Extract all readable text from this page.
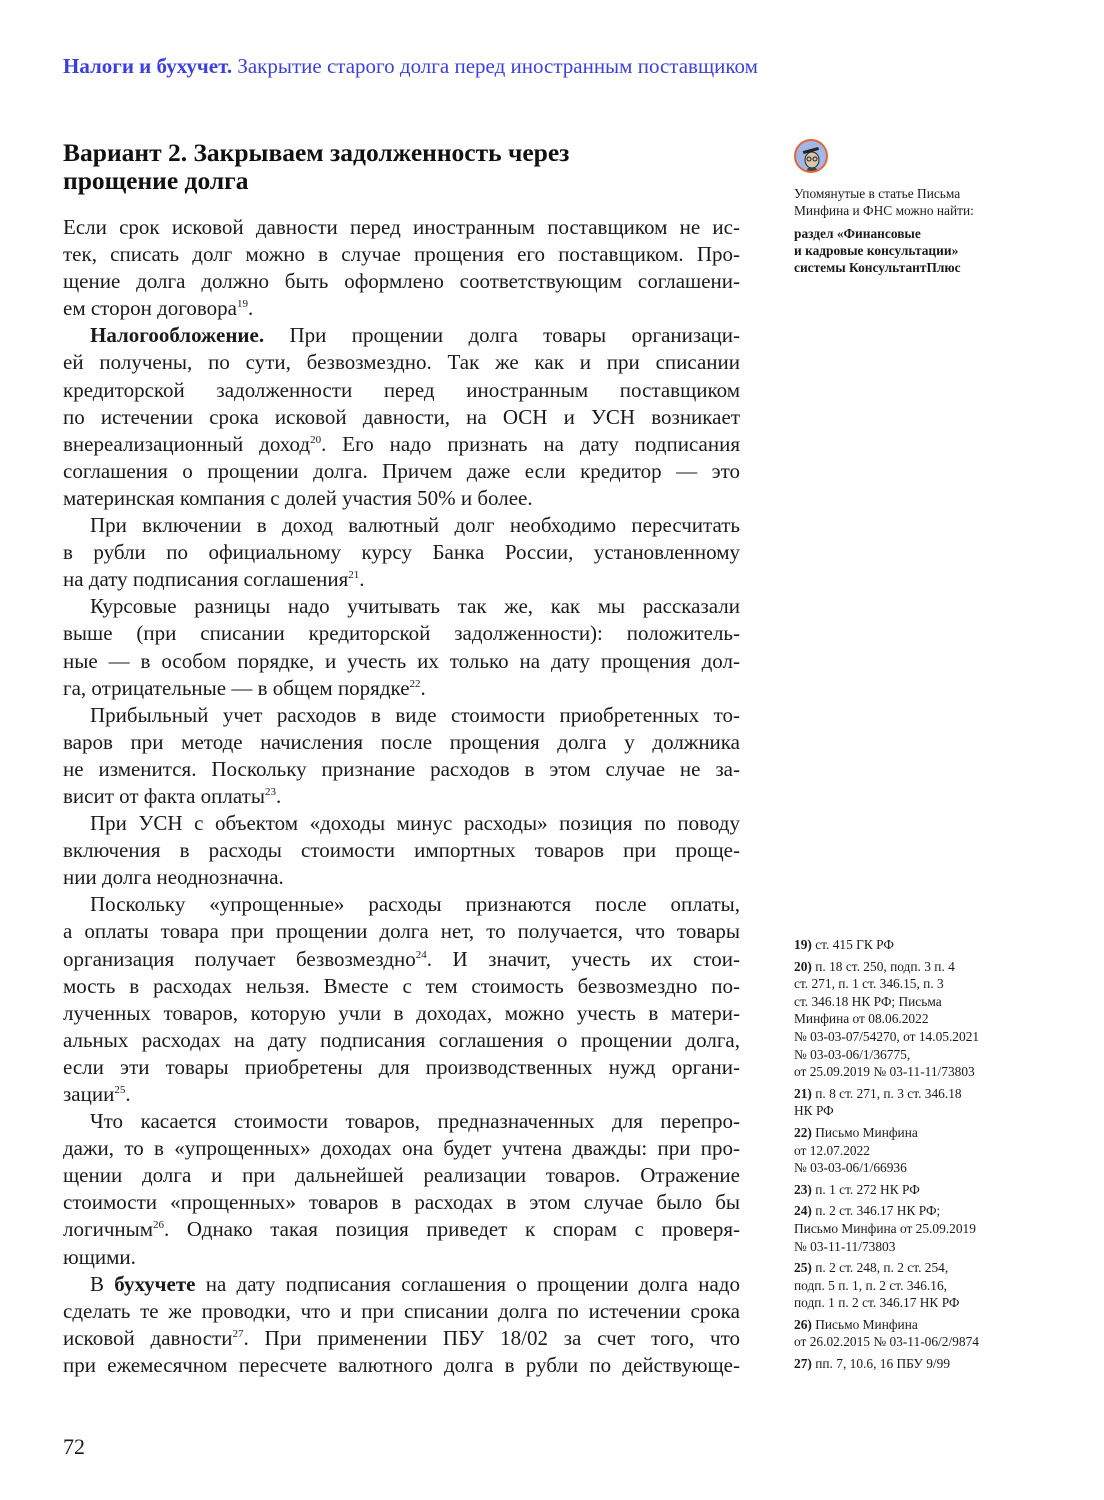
Налоги и бухучет. Закрытие старого долга перед иностранным поставщиком
Вариант 2. Закрываем задолженность через
прощение долга
Если срок исковой давности перед иностранным поставщиком не ис-
тек, списать долг можно в случае прощения его поставщиком. Про-
щение долга должно быть оформлено соответствующим соглашени-
ем сторон договора$^{19}$.
Налогообложение. При прощении долга товары организаци-
ей получены, по сути, безвозмездно. Так же как и при списании
кредиторской задолженности перед иностранным поставщиком
по истечении срока исковой давности, на ОСН и УСН возникает
внереализационный доход$^{20}$. Его надо признать на дату подписания
соглашения о прощении долга. Причем даже если кредитор — это
материнская компания с долей участия 50% и более.
При включении в доход валютный долг необходимо пересчитать
в рубли по официальному курсу Банка России, установленному
на дату подписания соглашения$^{21}$.
Курсовые разницы надо учитывать так же, как мы рассказали
выше (при списании кредиторской задолженности): положитель-
ные — в особом порядке, и учесть их только на дату прощения дол-
га, отрицательные — в общем порядке$^{22}$.
Прибыльный учет расходов в виде стоимости приобретенных то-
варов при методе начисления после прощения долга у должника
не изменится. Поскольку признание расходов в этом случае не за-
висит от факта оплаты$^{23}$.
При УСН с объектом «доходы минус расходы» позиция по поводу
включения в расходы стоимости импортных товаров при проще-
нии долга неоднозначна.
Поскольку «упрощенные» расходы признаются после оплаты,
а оплаты товара при прощении долга нет, то получается, что товары
организация получает безвозмездно$^{24}$. И значит, учесть их стои-
мость в расходах нельзя. Вместе с тем стоимость безвозмездно по-
лученных товаров, которую учли в доходах, можно учесть в матери-
альных расходах на дату подписания соглашения о прощении долга,
если эти товары приобретены для производственных нужд органи-
зации$^{25}$.
Что касается стоимости товаров, предназначенных для перепро-
дажи, то в «упрощенных» доходах она будет учтена дважды: при про-
щении долга и при дальнейшей реализации товаров. Отражение
стоимости «прощенных» товаров в расходах в этом случае было бы
логичным$^{26}$. Однако такая позиция приведет к спорам с проверя-
ющими.
В бухучете на дату подписания соглашения о прощении долга надо
сделать те же проводки, что и при списании долга по истечении срока
исковой давности$^{27}$. При применении ПБУ 18/02 за счет того, что
при ежемесячном пересчете валютного долга в рубли по действующе-
Упомянутые в статье Письма
Минфина и ФНС можно найти:
раздел «Финансовые
и кадровые консультации»
системы КонсультантПлюс
19) ст. 415 ГК РФ
20) п. 18 ст. 250, подп. 3 п. 4
ст. 271, п. 1 ст. 346.15, п. 3
ст. 346.18 НК РФ; Письма
Минфина от 08.06.2022
№ 03-03-07/54270, от 14.05.2021
№ 03-03-06/1/36775,
от 25.09.2019 № 03-11-11/73803
21) п. 8 ст. 271, п. 3 ст. 346.18
НК РФ
22) Письмо Минфина
от 12.07.2022
№ 03-03-06/1/66936
23) п. 1 ст. 272 НК РФ
24) п. 2 ст. 346.17 НК РФ;
Письмо Минфина от 25.09.2019
№ 03-11-11/73803
25) п. 2 ст. 248, п. 2 ст. 254,
подп. 5 п. 1, п. 2 ст. 346.16,
подп. 1 п. 2 ст. 346.17 НК РФ
26) Письмо Минфина
от 26.02.2015 № 03-11-06/2/9874
27) пп. 7, 10.6, 16 ПБУ 9/99
72
